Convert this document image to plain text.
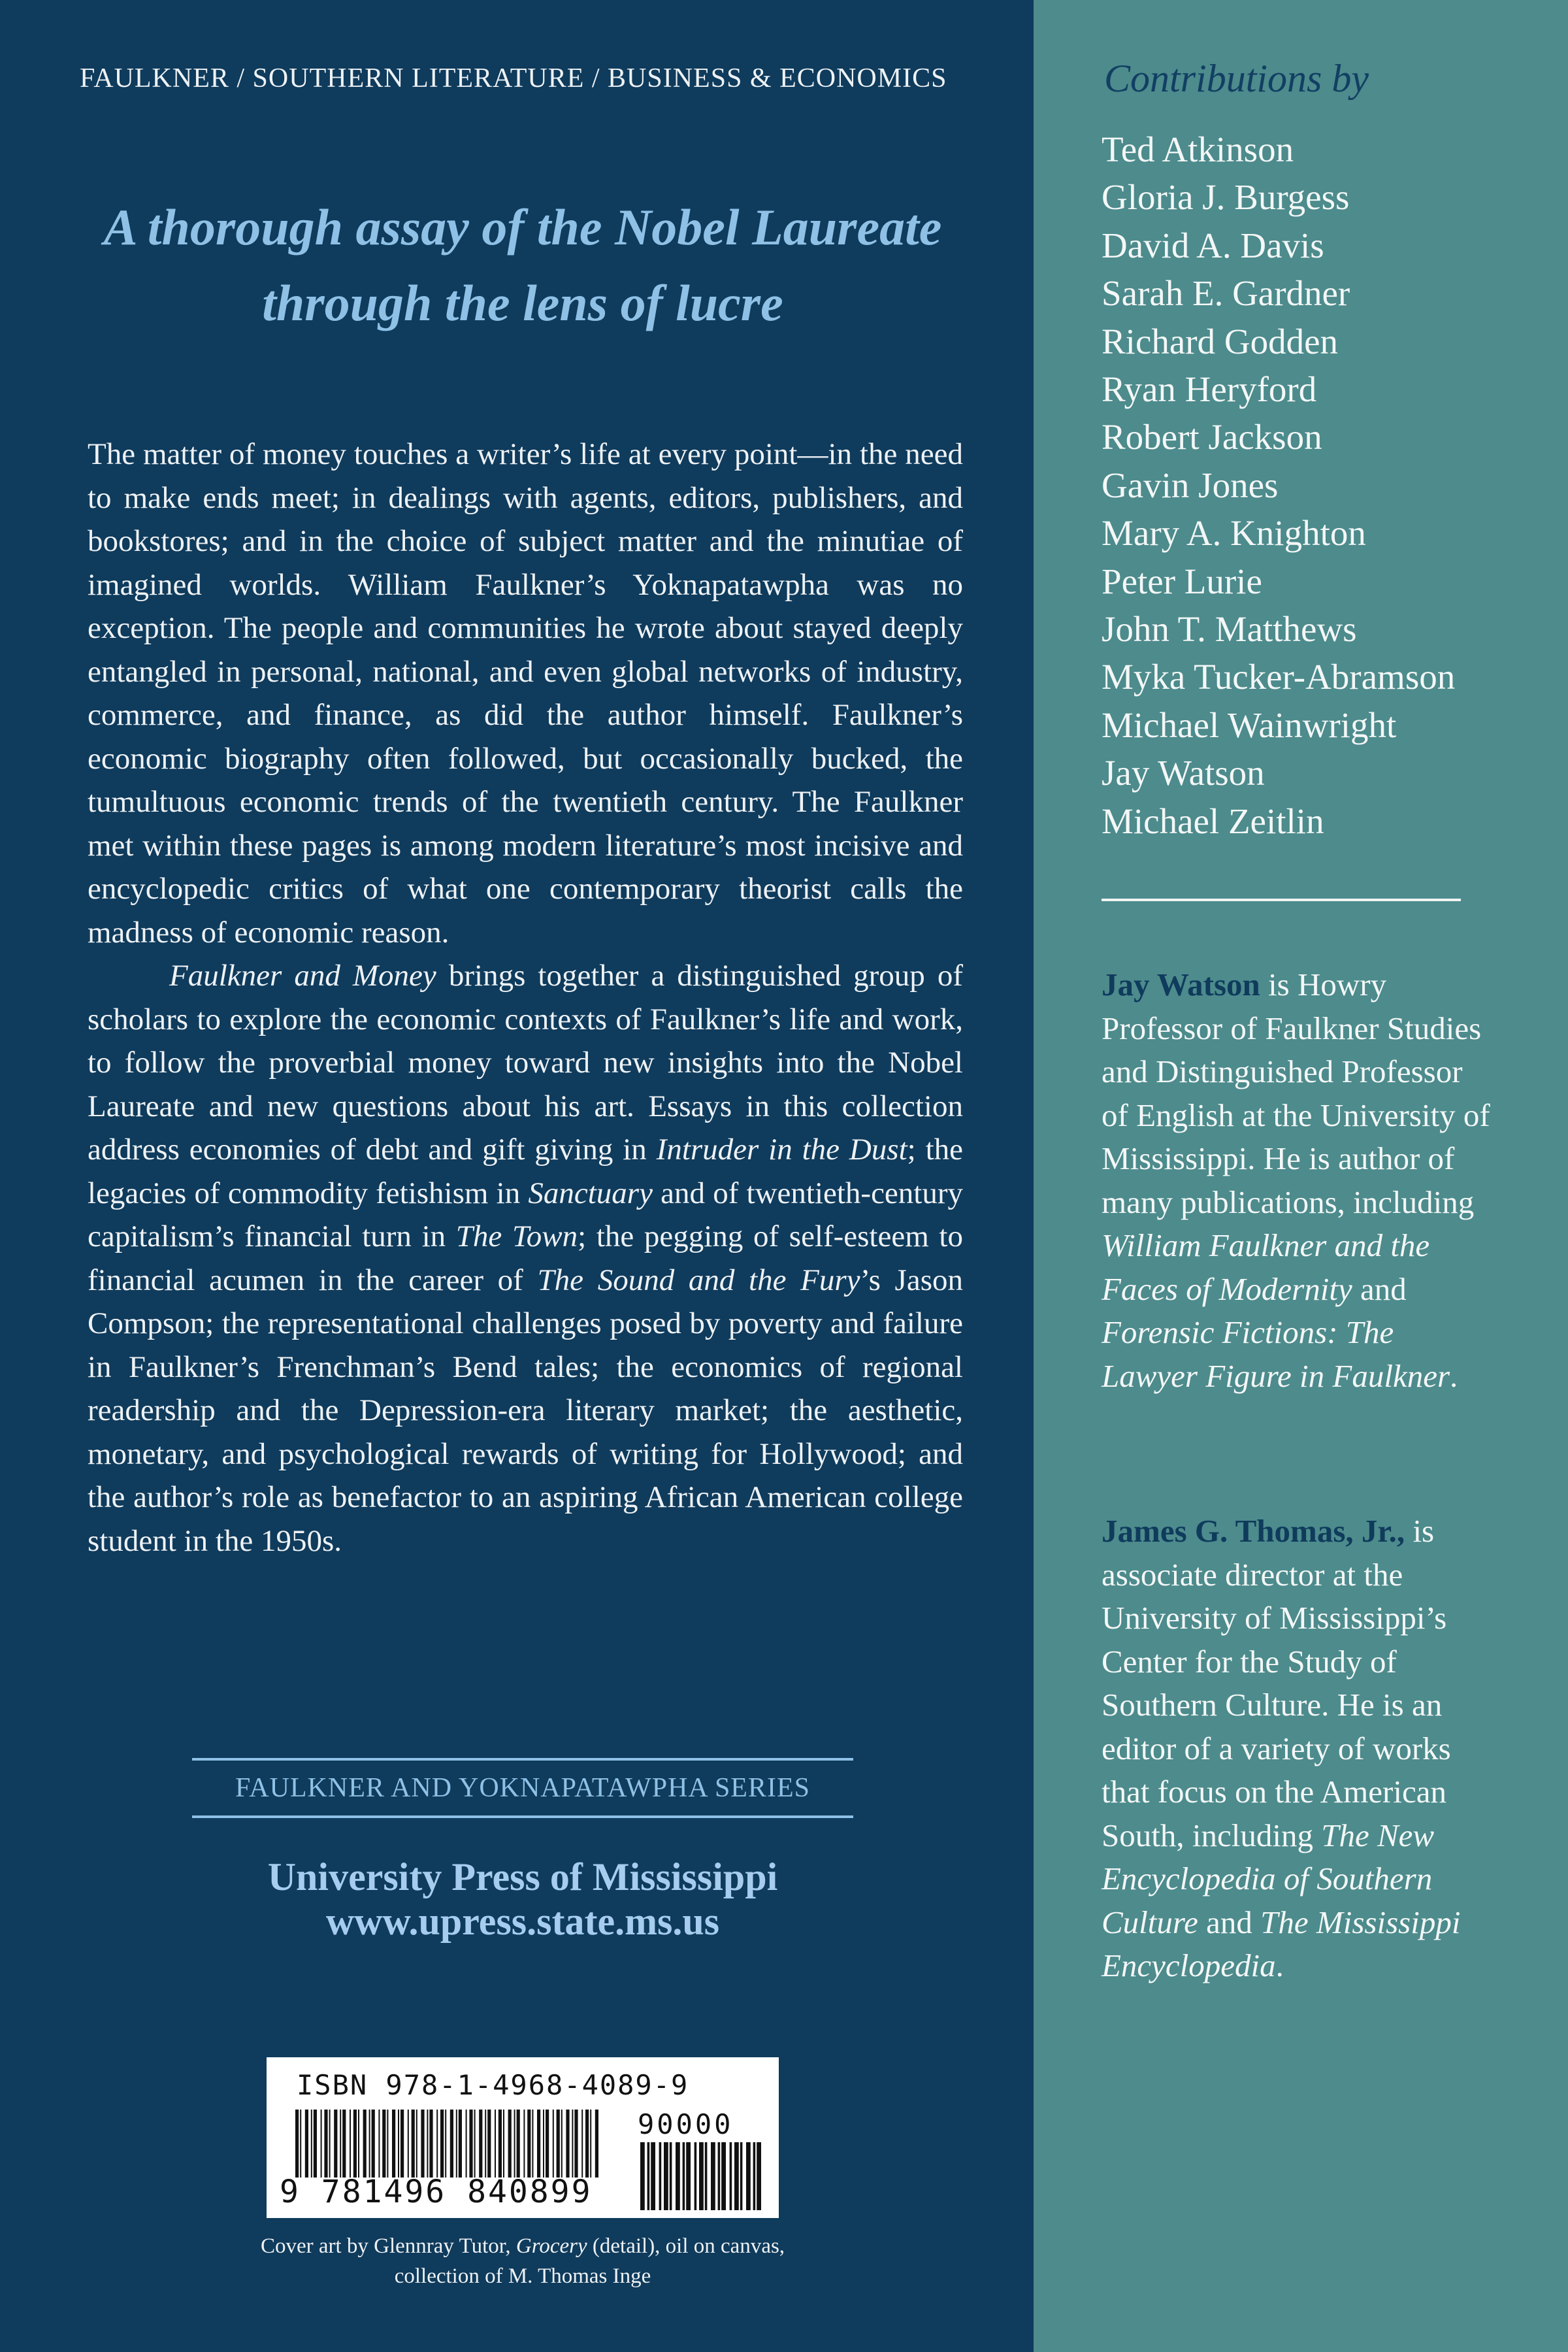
FAULKNER / SOUTHERN LITERATURE / BUSINESS & ECONOMICS
A thorough assay of the Nobel Laureate
through the lens of lucre

The matter of money touches a writer’s life at every point—in the need to make ends meet; in dealings with agents, editors, publishers, and bookstores; and in the choice of subject matter and the minutiae of imagined worlds. William Faulkner’s Yoknapatawpha was no exception. The people and communities he wrote about stayed deeply entangled in personal, national, and even global networks of industry, commerce, and finance, as did the author himself. Faulkner’s economic biography often followed, but occasionally bucked, the tumultuous economic trends of the twentieth century. The Faulkner met within these pages is among modern literature’s most incisive and encyclopedic critics of what one contemporary theorist calls the madness of economic reason.

Faulkner and Money brings together a distinguished group of scholars to explore the economic contexts of Faulkner’s life and work, to follow the proverbial money toward new insights into the Nobel Laureate and new questions about his art. Essays in this collection address economies of debt and gift giving in Intruder in the Dust; the legacies of commodity fetishism in Sanctuary and of twentieth-century capitalism’s financial turn in The Town; the pegging of self-esteem to financial acumen in the career of The Sound and the Fury’s Jason Compson; the representational challenges posed by poverty and failure in Faulkner’s Frenchman’s Bend tales; the economics of regional readership and the Depression-era literary market; the aesthetic, monetary, and psychological rewards of writing for Hollywood; and the author’s role as benefactor to an aspiring African American college student in the 1950s.

FAULKNER AND YOKNAPATAWPHA SERIES
University Press of Mississippi
www.upress.state.ms.us
ISBN 978-1-4968-4089-9
90000
9 781496 840899
Cover art by Glennray Tutor, Grocery (detail), oil on canvas, collection of M. Thomas Inge
Contributions by
Ted Atkinson
Gloria J. Burgess
David A. Davis
Sarah E. Gardner
Richard Godden
Ryan Heryford
Robert Jackson
Gavin Jones
Mary A. Knighton
Peter Lurie
John T. Matthews
Myka Tucker-Abramson
Michael Wainwright
Jay Watson
Michael Zeitlin
Jay Watson is Howry Professor of Faulkner Studies and Distinguished Professor of English at the University of Mississippi. He is author of many publications, including William Faulkner and the Faces of Modernity and Forensic Fictions: The Lawyer Figure in Faulkner.
James G. Thomas, Jr., is associate director at the University of Mississippi’s Center for the Study of Southern Culture. He is an editor of a variety of works that focus on the American South, including The New Encyclopedia of Southern Culture and The Mississippi Encyclopedia.
